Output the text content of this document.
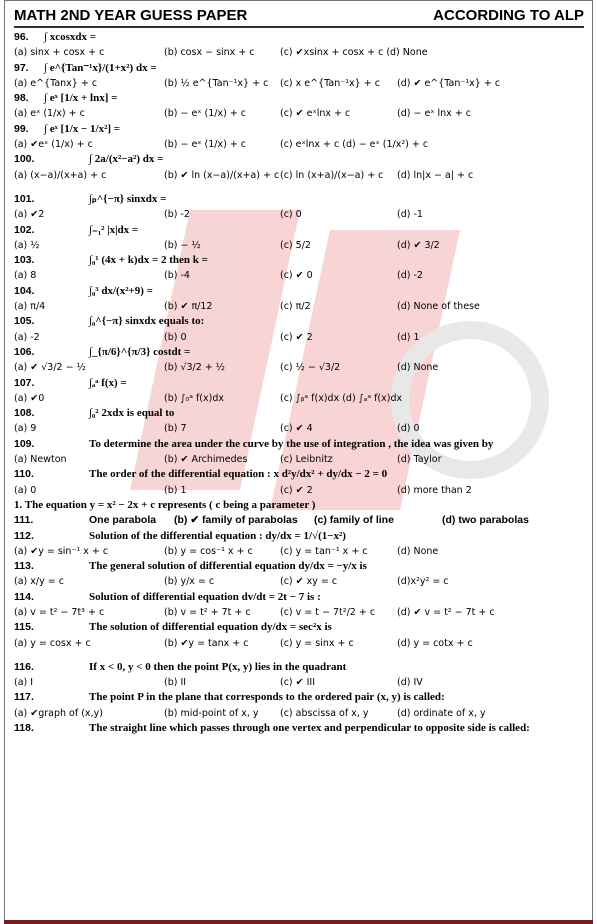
MATH 2ND YEAR GUESS PAPER	ACCORDING TO ALP
96. ∫ xcosxdx =
(a) sinx + cosx + c	(b) cosx − sinx + c	(c) ✔xsinx + cosx + c (d) None
97. ∫ e^{Tan⁻¹x}/(1+x²) dx =
(a) e^{Tanx} + c	(b) ½ e^{Tan⁻¹x} + c (c) x e^{Tan⁻¹x} + c (d) ✔ e^{Tan⁻¹x} + c
98. ∫ eˣ [1/x + lnx] =
(a) eˣ (1/x) + c	(b) − eˣ (1/x) + c	(c) ✔ eˣlnx + c	(d) − eˣ lnx + c
99. ∫ eˣ [1/x − 1/x²] =
(a) ✔eˣ (1/x) + c	(b) − eˣ (1/x) + c	(c) eˣlnx + c (d) − eˣ (1/x²) + c
100.	∫ 2a/(x²−a²) dx =
(a) (x−a)/(x+a) + c	(b) ✔ ln (x−a)/(x+a) + c (c) ln (x+a)/(x−a) + c (d) ln|x − a| + c
101.	∫ₚ^{−π} sinxdx =
(a) ✔2	(b) -2	(c) 0	(d) -1
102.	∫₋₁² |x|dx =
(a) ½	(b) − ½	(c) 5/2	(d) ✔ 3/2
103.	∫₀¹ (4x + k)dx = 2 then k =
(a) 8	(b) -4	(c) ✔ 0	(d) -2
104.	∫₀³ dx/(x²+9) =
(a) π/4	(b) ✔ π/12	(c) π/2	(d) None of these
105.	∫₀^{−π} sinxdx equals to:
(a) -2	(b) 0	(c) ✔ 2	(d) 1
106.	∫_{π/6}^{π/3} costdt =
(a) ✔ √3/2 − ½	(b) √3/2 + ½	(c) ½ − √3/2	(d) None
107.	∫ₐᵃ f(x) =
(a) ✔0	(b) ∫₀ᵃ f(x)dx	(c) ∫ᵦᵃ f(x)dx (d) ∫ₐᵃ f(x)dx
108.	∫₀² 2xdx is equal to
(a) 9	(b) 7	(c) ✔ 4	(d) 0
109.	To determine the area under the curve by the use of integration , the idea was given by
(a) Newton	(b) ✔ Archimedes	(c) Leibnitz	(d) Taylor
110.	The order of the differential equation : x d²y/dx² + dy/dx − 2 = 0
(a) 0	(b) 1	(c) ✔ 2	(d) more than 2
1. The equation y = x² − 2x + c represents ( c being a parameter )
111.	One parabola (b) ✔ family of parabolas (c) family of line	(d) two parabolas
112.	Solution of the differential equation : dy/dx = 1/√(1−x²)
(a) ✔y = sin⁻¹ x + c	(b) y = cos⁻¹ x + c	(c) y = tan⁻¹ x + c	(d) None
113.	The general solution of differential equation dy/dx = −y/x is
(a) x/y = c	(b) y/x = c	(c) ✔ xy = c	(d)x²y² = c
114.	Solution of differential equation dv/dt = 2t − 7 is :
(a) v = t² − 7t³ + c	(b) v = t² + 7t + c	(c) v = t − 7t²/2 + c (d) ✔ v = t² − 7t + c
115.	The solution of differential equation dy/dx = sec²x is
(a) y = cosx + c	(b) ✔y = tanx + c	(c) y = sinx + c	(d) y = cotx + c
116.	If x < 0, y < 0 then the point P(x, y) lies in the quadrant
(a) I	(b) II	(c) ✔ III	(d) IV
117.	The point P in the plane that corresponds to the ordered pair (x, y) is called:
(a) ✔graph of (x,y)	(b) mid-point of x, y (c) abscissa of x, y	(d) ordinate of x, y
118.	The straight line which passes through one vertex and perpendicular to opposite side is called:
